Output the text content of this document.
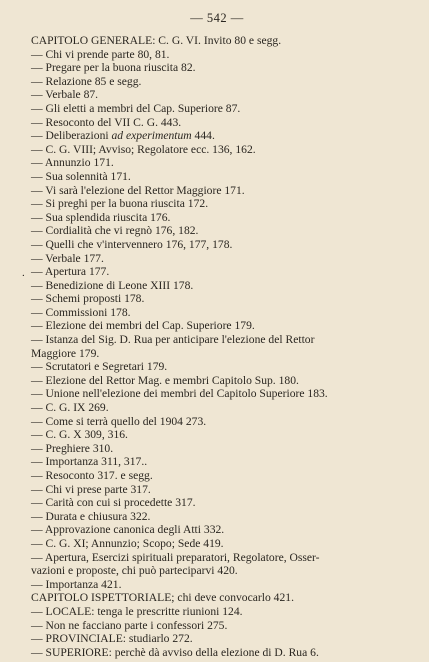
— 542 —
.
CAPITOLO GENERALE: C. G. VI. Invito 80 e segg.
— Chi vi prende parte 80, 81.
— Pregare per la buona riuscita 82.
— Relazione 85 e segg.
— Verbale 87.
— Gli eletti a membri del Cap. Superiore 87.
— Resoconto del VII C. G. 443.
— Deliberazioni ad experimentum 444.
— C. G. VIII; Avviso; Regolatore ecc. 136, 162.
— Annunzio 171.
— Sua solennità 171.
— Vi sarà l'elezione del Rettor Maggiore 171.
— Si preghi per la buona riuscita 172.
— Sua splendida riuscita 176.
— Cordialità che vi regnò 176, 182.
— Quelli che v'intervennero 176, 177, 178.
— Verbale 177.
— Apertura 177.
— Benedizione di Leone XIII 178.
— Schemi proposti 178.
— Commissioni 178.
— Elezione dei membri del Cap. Superiore 179.
— Istanza del Sig. D. Rua per anticipare l'elezione del Rettor
Maggiore 179.
— Scrutatori e Segretari 179.
— Elezione del Rettor Mag. e membri Capitolo Sup. 180.
— Unione nell'elezione dei membri del Capitolo Superiore 183.
— C. G. IX 269.
— Come si terrà quello del 1904 273.
— C. G. X 309, 316.
— Preghiere 310.
— Importanza 311, 317..
— Resoconto 317. e segg.
— Chi vi prese parte 317.
— Carità con cui si procedette 317.
— Durata e chiusura 322.
— Approvazione canonica degli Atti 332.
— C. G. XI; Annunzio; Scopo; Sede 419.
— Apertura, Esercizi spirituali preparatori, Regolatore, Osser-
vazioni e proposte, chi può parteciparvi 420.
— Importanza 421.
CAPITOLO ISPETTORIALE; chi deve convocarlo 421.
— LOCALE: tenga le prescritte riunioni 124.
— Non ne facciano parte i confessori 275.
— PROVINCIALE: studiarlo 272.
— SUPERIORE: perchè dà avviso della elezione di D. Rua 6.
